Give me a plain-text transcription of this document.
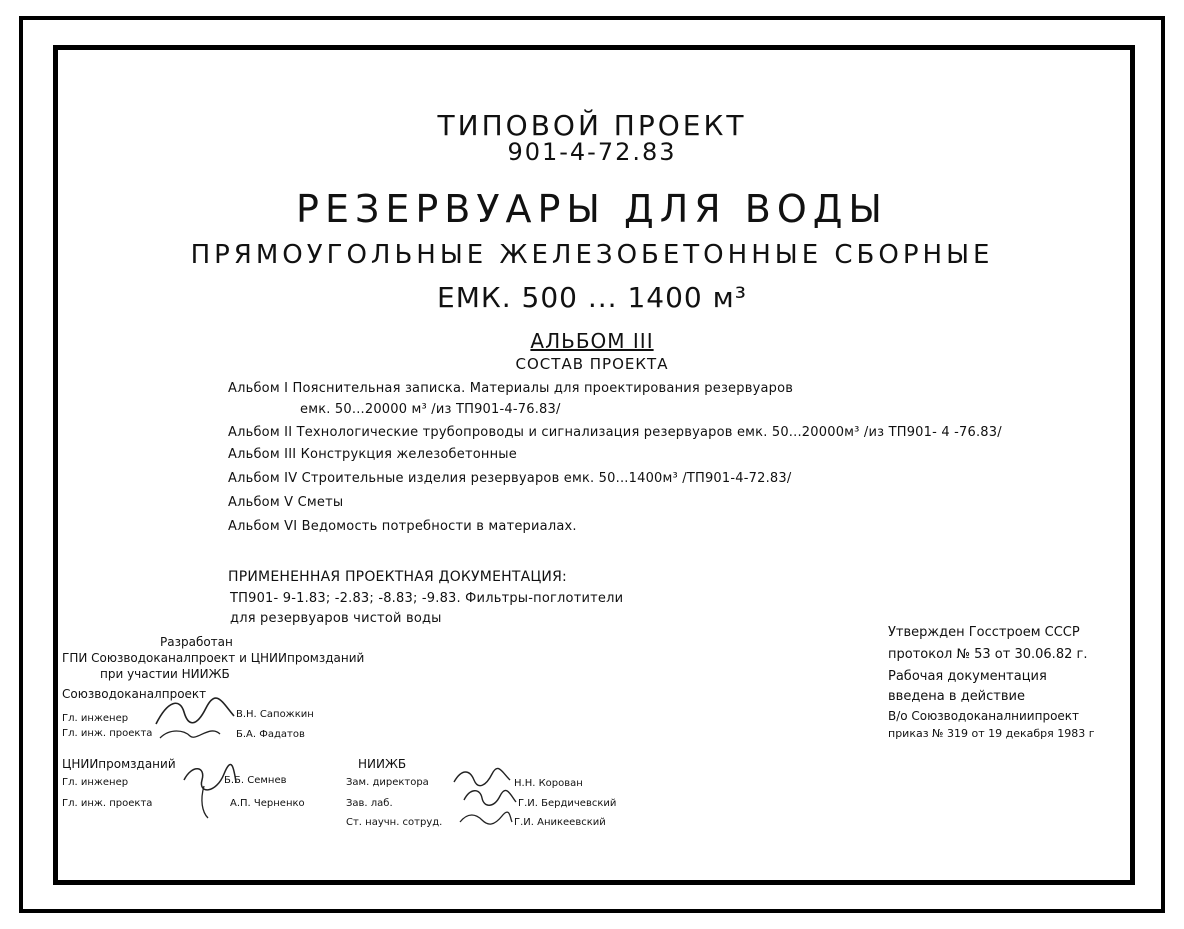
ТИПОВОЙ ПРОЕКТ
901-4-72.83
РЕЗЕРВУАРЫ ДЛЯ ВОДЫ
ПРЯМОУГОЛЬНЫЕ ЖЕЛЕЗОБЕТОННЫЕ СБОРНЫЕ
ЕМК. 500 ... 1400 м³
АЛЬБОМ III
СОСТАВ ПРОЕКТА
Альбом I Пояснительная записка. Материалы для проектирования резервуаров
емк. 50...20000 м³ /из ТП901-4-76.83/
Альбом II Технологические трубопроводы и сигнализация резервуаров емк. 50...20000м³ /из ТП901- 4 -76.83/
Альбом III Конструкция железобетонные
Альбом IV Строительные изделия резервуаров емк. 50...1400м³ /ТП901-4-72.83/
Альбом V Сметы
Альбом VI Ведомость потребности в материалах.
ПРИМЕНЕННАЯ ПРОЕКТНАЯ ДОКУМЕНТАЦИЯ:
ТП901- 9-1.83; -2.83; -8.83; -9.83. Фильтры-поглотители
для резервуаров чистой воды
Разработан
ГПИ Союзводоканалпроект и ЦНИИпромзданий
при участии НИИЖБ
Союзводоканалпроект
Гл. инженер	В.Н. Сапожкин
Гл. инж. проекта	Б.А. Фадатов
ЦНИИпромзданий
Гл. инженер	Б.Б. Семнев
Гл. инж. проекта	А.П. Черненко
НИИЖБ
Зам. директора	Н.Н. Корован
Зав. лаб.	Г.И. Бердичевский
Ст. научн. сотруд.	Г.И. Аникеевский
Утвержден Госстроем СССР
протокол № 53 от 30.06.82 г.
Рабочая документация
введена в действие
В/о Союзводоканалниипроект
приказ № 319 от 19 декабря 1983 г
